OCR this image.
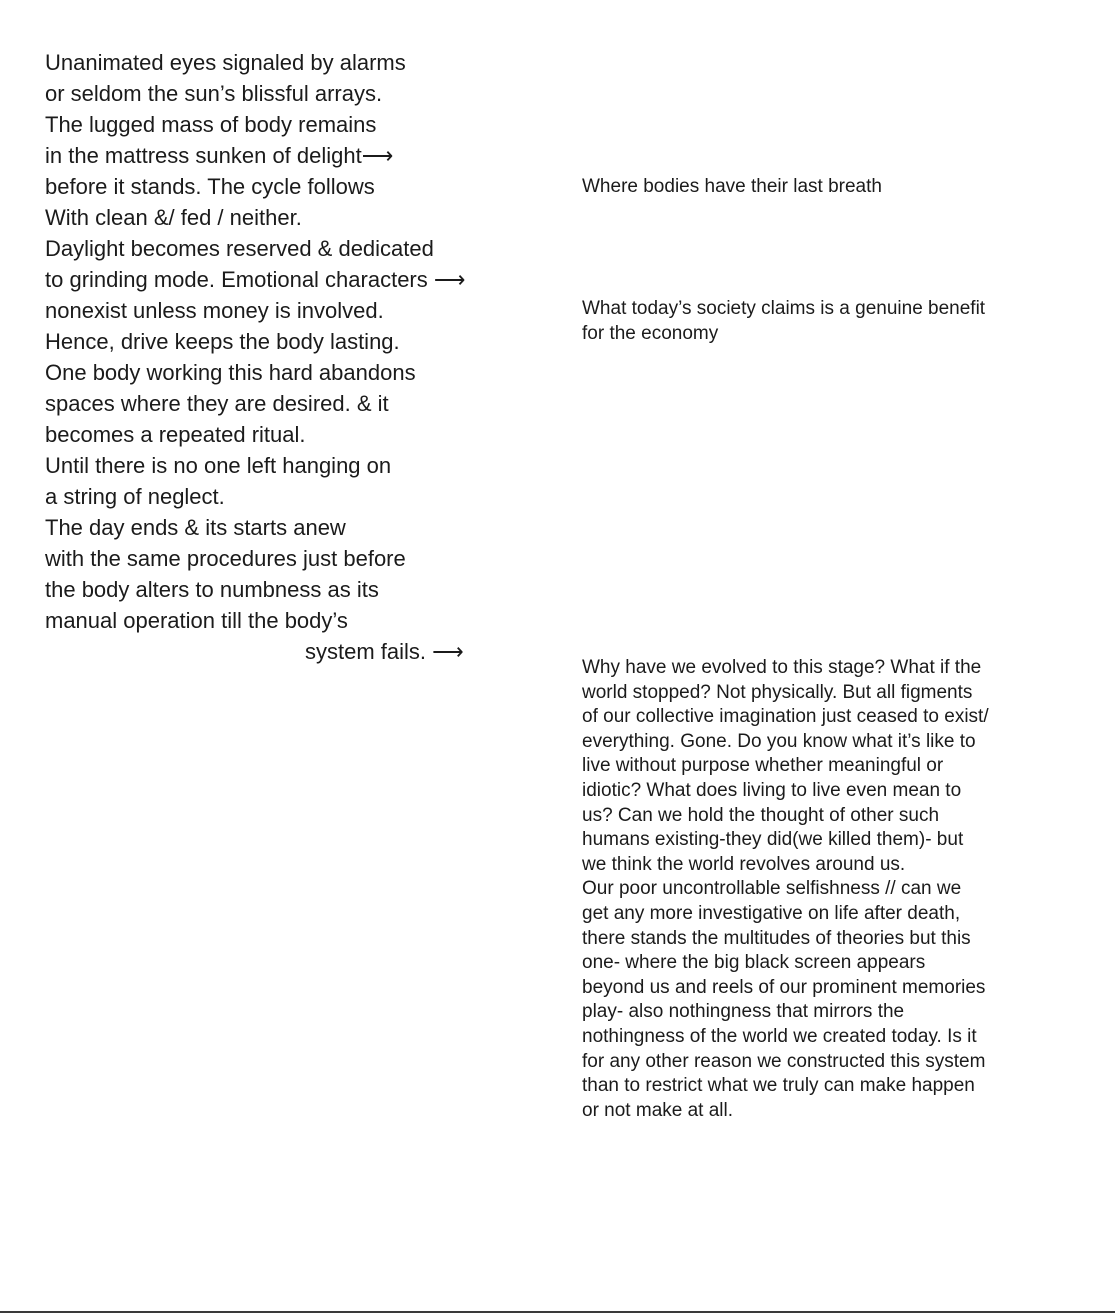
Unanimated eyes signaled by alarms
or seldom the sun’s blissful arrays.
The lugged mass of body remains
in the mattress sunken of delight⟶
before it stands. The cycle follows
With clean &/ fed / neither.
Daylight becomes reserved & dedicated
to grinding mode. Emotional characters ⟶
nonexist unless money is involved.
Hence, drive keeps the body lasting.
One body working this hard abandons
spaces where they are desired. & it
becomes a repeated ritual.
Until there is no one left hanging on
a string of neglect.
The day ends & its starts anew
with the same procedures just before
the body alters to numbness as its
manual operation till the body’s
system fails. ⟶
Where bodies have their last breath
What today’s society claims is a genuine benefit
for the economy
Why have we evolved to this stage? What if the
world stopped? Not physically. But all figments
of our collective imagination just ceased to exist/
everything. Gone. Do you know what it’s like to
live without purpose whether meaningful or
idiotic? What does living to live even mean to
us? Can we hold the thought of other such
humans existing-they did(we killed them)- but
we think the world revolves around us.
Our poor uncontrollable selfishness // can we
get any more investigative on life after death,
there stands the multitudes of theories but this
one- where the big black screen appears
beyond us and reels of our prominent memories
play- also nothingness that mirrors the
nothingness of the world we created today. Is it
for any other reason we constructed this system
than to restrict what we truly can make happen
or not make at all.
